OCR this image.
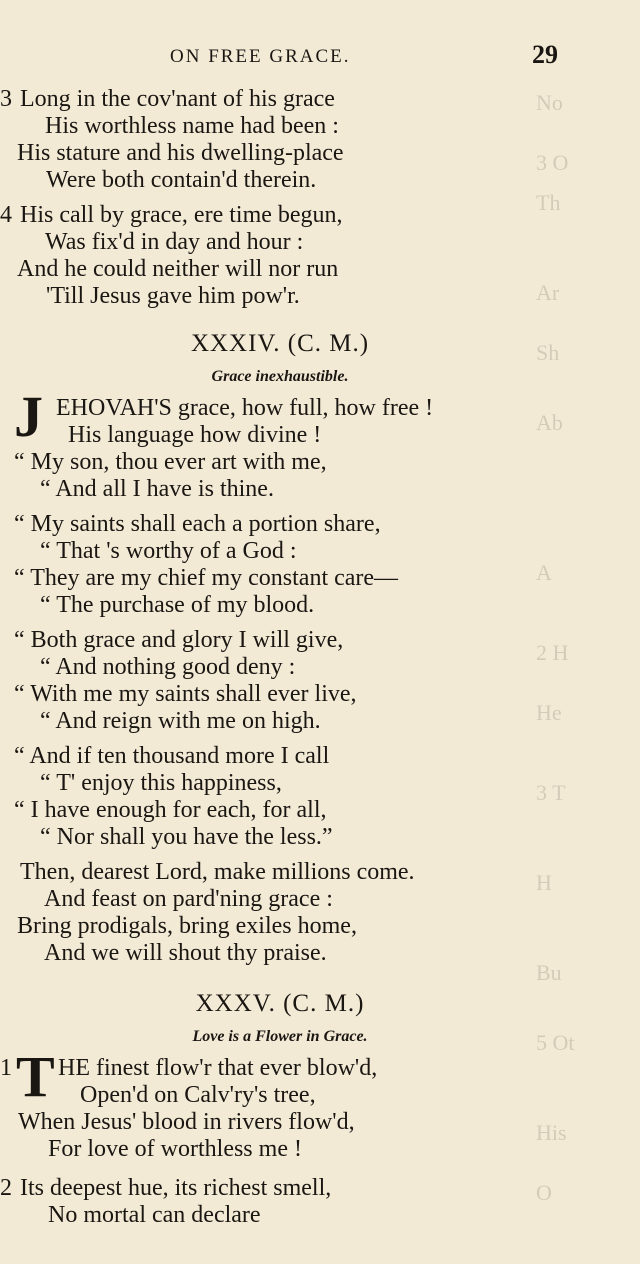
ON FREE GRACE.	29
No
3 O
Th
Ar
Sh
Ab
A
2 H
He
3 T
H
Bu
5 Ot
His
O
3 Long in the cov'nant of his grace
His worthless name had been :
His stature and his dwelling-place
Were both contain'd therein.
4 His call by grace, ere time begun,
Was fix'd in day and hour :
And he could neither will nor run
'Till Jesus gave him pow'r.
XXXIV. (C. M.)
Grace inexhaustible.
J EHOVAH'S grace, how full, how free !
His language how divine !
“ My son, thou ever art with me,
“ And all I have is thine.
“ My saints shall each a portion share,
“ That 's worthy of a God :
“ They are my chief my constant care—
“ The purchase of my blood.
“ Both grace and glory I will give,
“ And nothing good deny :
“ With me my saints shall ever live,
“ And reign with me on high.
“ And if ten thousand more I call
“ T' enjoy this happiness,
“ I have enough for each, for all,
“ Nor shall you have the less.”
Then, dearest Lord, make millions come.
And feast on pard'ning grace :
Bring prodigals, bring exiles home,
And we will shout thy praise.
XXXV. (C. M.)
Love is a Flower in Grace.
1 T HE finest flow'r that ever blow'd,
Open'd on Calv'ry's tree,
When Jesus' blood in rivers flow'd,
For love of worthless me !
2 Its deepest hue, its richest smell,
No mortal can declare
